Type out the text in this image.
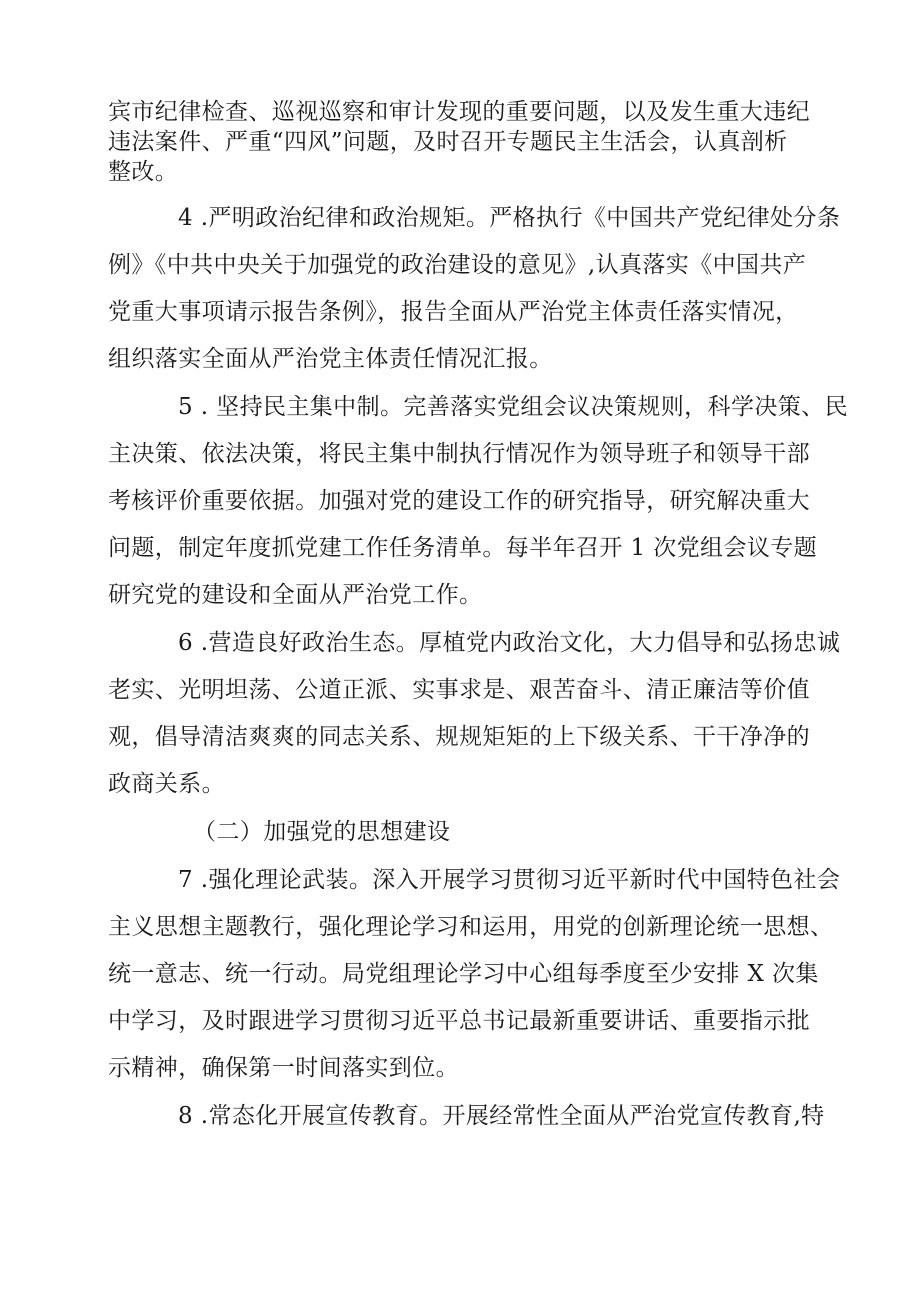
宾市纪律检查、巡视巡察和审计发现的重要问题，以及发生重大违纪
违法案件、严重“四风”问题，及时召开专题民主生活会，认真剖析
整改。
4 .严明政治纪律和政治规矩。严格执行《中国共产党纪律处分条
例》《中共中央关于加强党的政治建设的意见》,认真落实《中国共产
党重大事项请示报告条例》，报告全面从严治党主体责任落实情况，
组织落实全面从严治党主体责任情况汇报。
5 . 坚持民主集中制。完善落实党组会议决策规则，科学决策、民
主决策、依法决策，将民主集中制执行情况作为领导班子和领导干部
考核评价重要依据。加强对党的建设工作的研究指导，研究解决重大
问题，制定年度抓党建工作任务清单。每半年召开 1 次党组会议专题
研究党的建设和全面从严治党工作。
6 .营造良好政治生态。厚植党内政治文化，大力倡导和弘扬忠诚
老实、光明坦荡、公道正派、实事求是、艰苦奋斗、清正廉洁等价值
观，倡导清洁爽爽的同志关系、规规矩矩的上下级关系、干干净净的
政商关系。
（二）加强党的思想建设
7 .强化理论武装。深入开展学习贯彻习近平新时代中国特色社会
主义思想主题教行，强化理论学习和运用，用党的创新理论统一思想、
统一意志、统一行动。局党组理论学习中心组每季度至少安排 X 次集
中学习，及时跟进学习贯彻习近平总书记最新重要讲话、重要指示批
示精神，确保第一时间落实到位。
8 .常态化开展宣传教育。开展经常性全面从严治党宣传教育,特
